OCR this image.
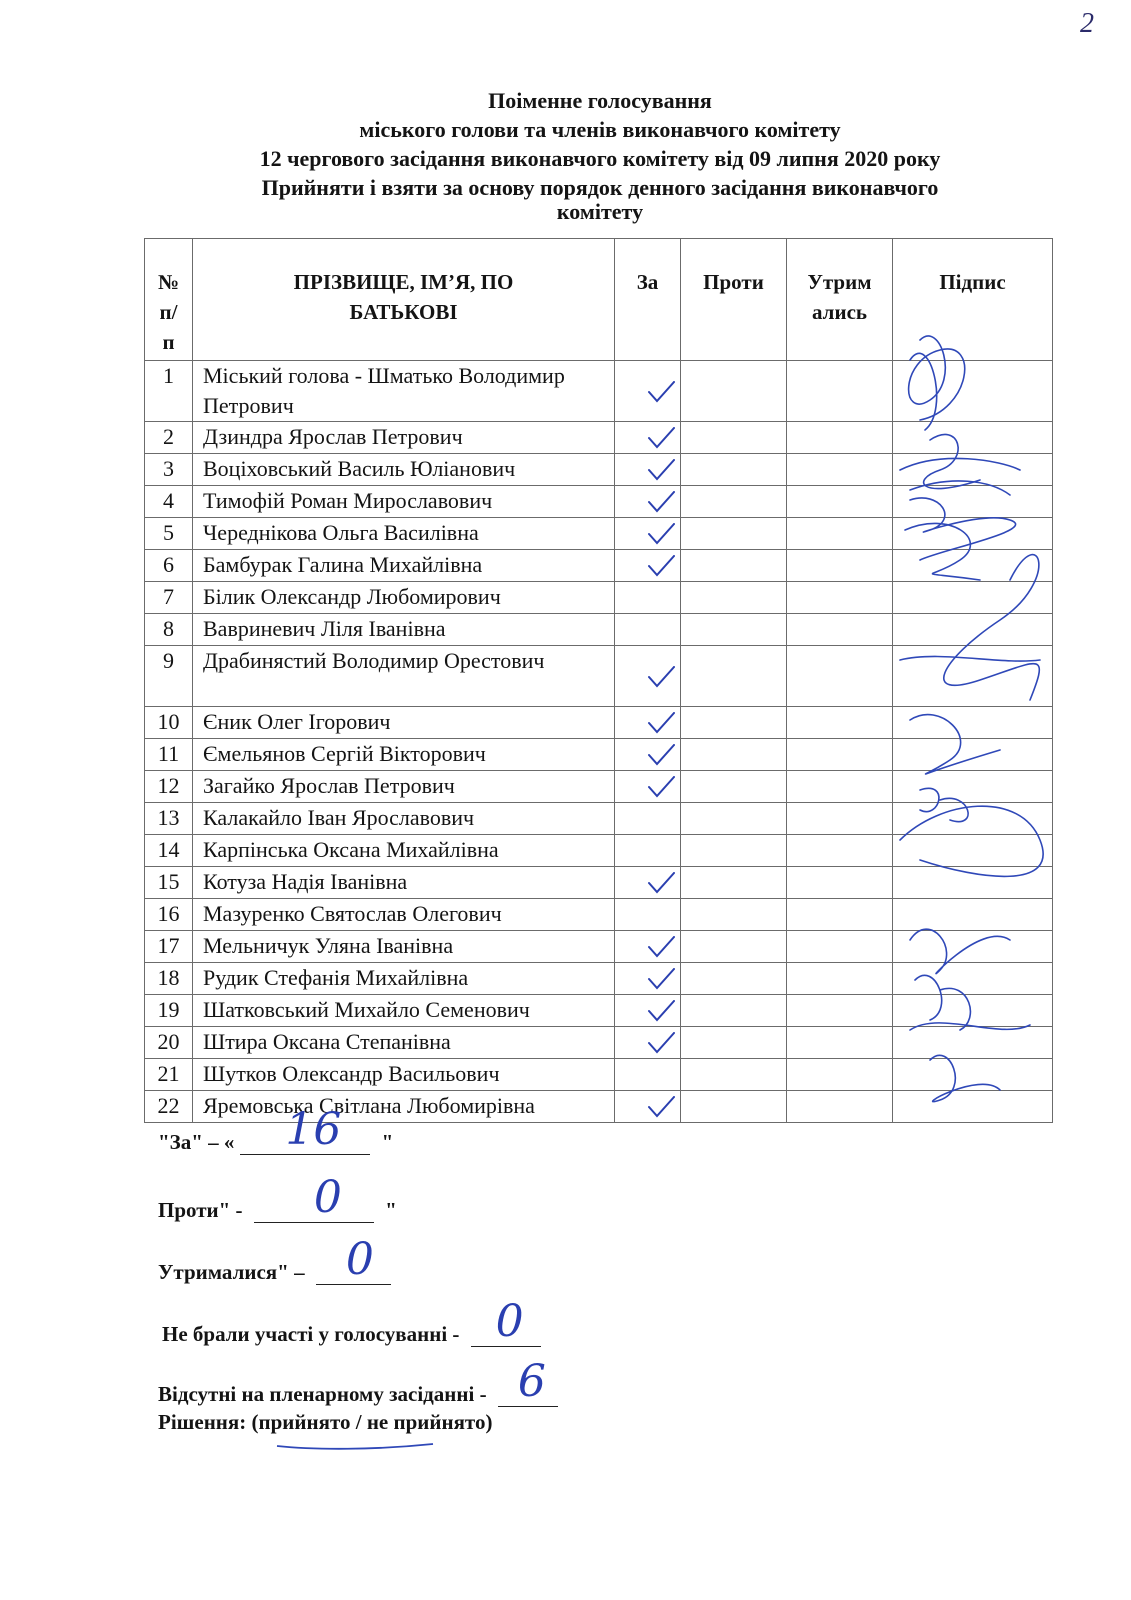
2
Поіменне голосування
міського голови та членів виконавчого комітету
12 чергового засідання виконавчого комітету від 09 липня 2020 року
Прийняти і взяти за основу порядок денного засідання виконавчого
комітету
№ п/ п	ПРІЗВИЩЕ, ІМ’Я, ПО БАТЬКОВІ	За	Проти	Утрим ались	Підпис
1	Міський голова - Шматько Володимир Петрович	

2	Дзиндра Ярослав Петрович	

3	Воціховський Василь Юліанович	

4	Тимофій Роман Мирославович	

5	Череднікова Ольга Василівна	

6	Бамбурак Галина Михайлівна	

7	Білик Олександр Любомирович				
8	Вавриневич Ліля Іванівна				
9	Драбинястий Володимир Орестович	

10	Єник Олег Ігорович	

11	Ємельянов Сергій Вікторович	

12	Загайко Ярослав Петрович	

13	Калакайло Іван Ярославович				
14	Карпінська Оксана Михайлівна				
15	Котуза Надія Іванівна	

16	Мазуренко Святослав Олегович				
17	Мельничук Уляна Іванівна	

18	Рудик Стефанія Михайлівна	

19	Шатковський Михайло Семенович	

20	Штира Оксана Степанівна	

21	Шутков Олександр Васильович				
22	Яремовська Світлана Любомирівна	

"За" – « 16 "
Проти" - 0 "
Утрималися" – 0
Не брали участі у голосуванні - 0
Відсутні на пленарному засіданні - 6
Рішення: (прийнято / не прийнято)
